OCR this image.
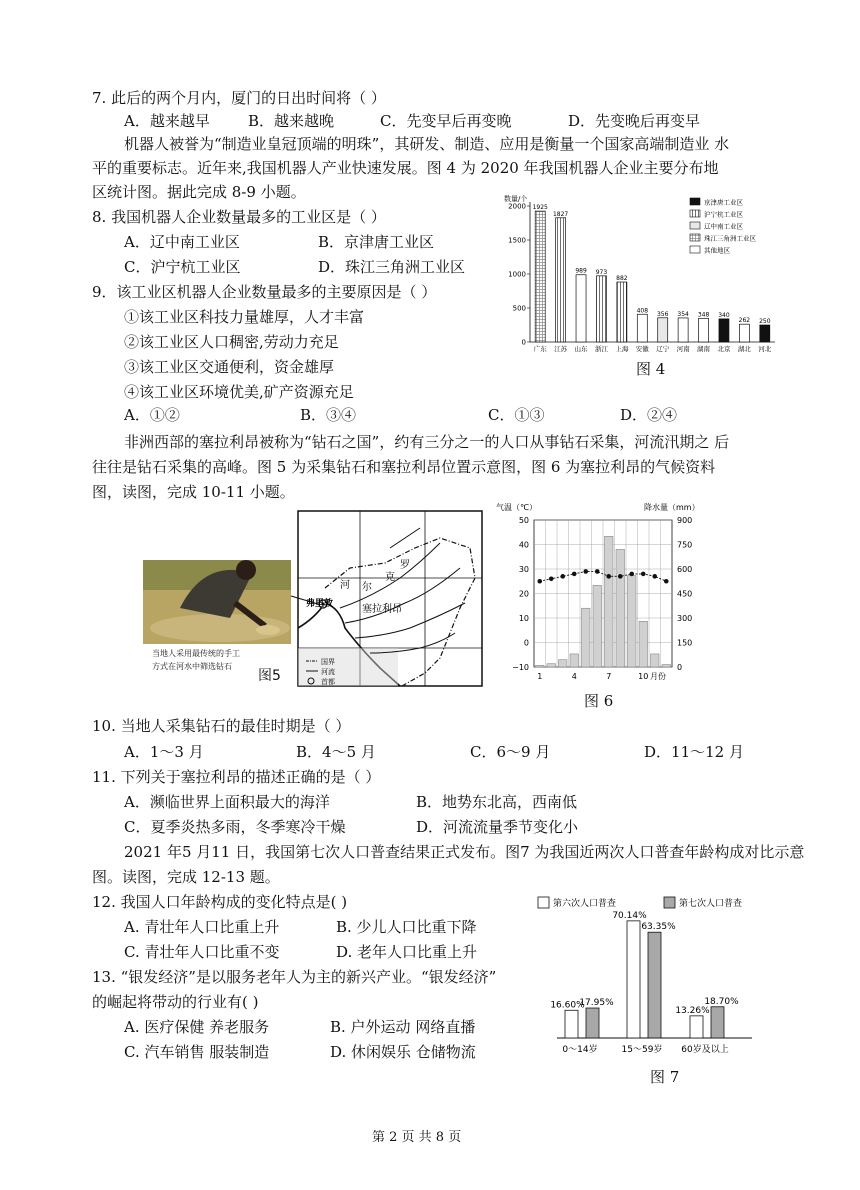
7. 此后的两个月内，厦门的日出时间将（ ）
A．越来越早	B．越来越晚	C．先变早后再变晚	D．先变晚后再变早
机器人被誉为“制造业皇冠顶端的明珠”，其研发、制造、应用是衡量一个国家高端制造业 水
平的重要标志。近年来,我国机器人产业快速发展。图 4 为 2020 年我国机器人企业主要分布地
区统计图。据此完成 8-9 小题。
8. 我国机器人企业数量最多的工业区是（ ）
A．辽中南工业区	B．京津唐工业区
C．沪宁杭工业区	D．珠江三角洲工业区
9．该工业区机器人企业数量最多的主要原因是（ ）
①该工业区科技力量雄厚，人才丰富
②该工业区人口稠密,劳动力充足
③该工业区交通便利，资金雄厚
④该工业区环境优美,矿产资源充足
A．①②	B．③④	C．①③	D．②④
数量/个
0
500
1000
1500
2000 1925
广东
1827
江苏
989
山东
973
浙江
882
上海
408
安徽
356
辽宁
354
河南
348
湖南
340
北京
262
湖北
250
河北
京津唐工业区
沪宁杭工业区
辽中南工业区
珠江三角洲工业区
其他地区
图 4
非洲西部的塞拉利昂被称为“钻石之国”，约有三分之一的人口从事钻石采集，河流汛期之 后
往往是钻石采集的高峰。图 5 为采集钻石和塞拉利昂位置示意图，图 6 为塞拉利昂的气候资料
图，读图，完成 10-11 小题。
当地人采用最传统的手工
方式在河水中筛选钻石
图5
罗
克
尔
河
弗里敦	塞拉利昂
国界
河流
首都
气温（℃）	降水量（mm）
50
40
30
20
10
0
−10
900
750
600
450
300
150
0
1	4	7	10 月份
图 6
10. 当地人采集钻石的最佳时期是（ ）
A．1～3 月	B．4～5 月	C．6～9 月	D．11～12 月
11. 下列关于塞拉利昂的描述正确的是（ ）
A．濒临世界上面积最大的海洋	B．地势东北高，西南低
C．夏季炎热多雨，冬季寒冷干燥	D．河流流量季节变化小
2021 年5 月11 日，我国第七次人口普查结果正式发布。图7 为我国近两次人口普查年龄构成对比示意
图。读图，完成 12-13 题。
12. 我国人口年龄构成的变化特点是( )
A. 青壮年人口比重上升	B. 少儿人口比重下降
C. 青壮年人口比重不变	D. 老年人口比重上升
13. “银发经济”是以服务老年人为主的新兴产业。“银发经济”
的崛起将带动的行业有( )
A. 医疗保健 养老服务	B. 户外运动 网络直播
C. 汽车销售 服装制造	D. 休闲娱乐 仓储物流
第六次人口普查	第七次人口普查
16.60%
17.95%
0～14岁
70.14%
63.35%
15～59岁
13.26%
18.70%
60岁及以上
图 7
第 2 页 共 8 页
